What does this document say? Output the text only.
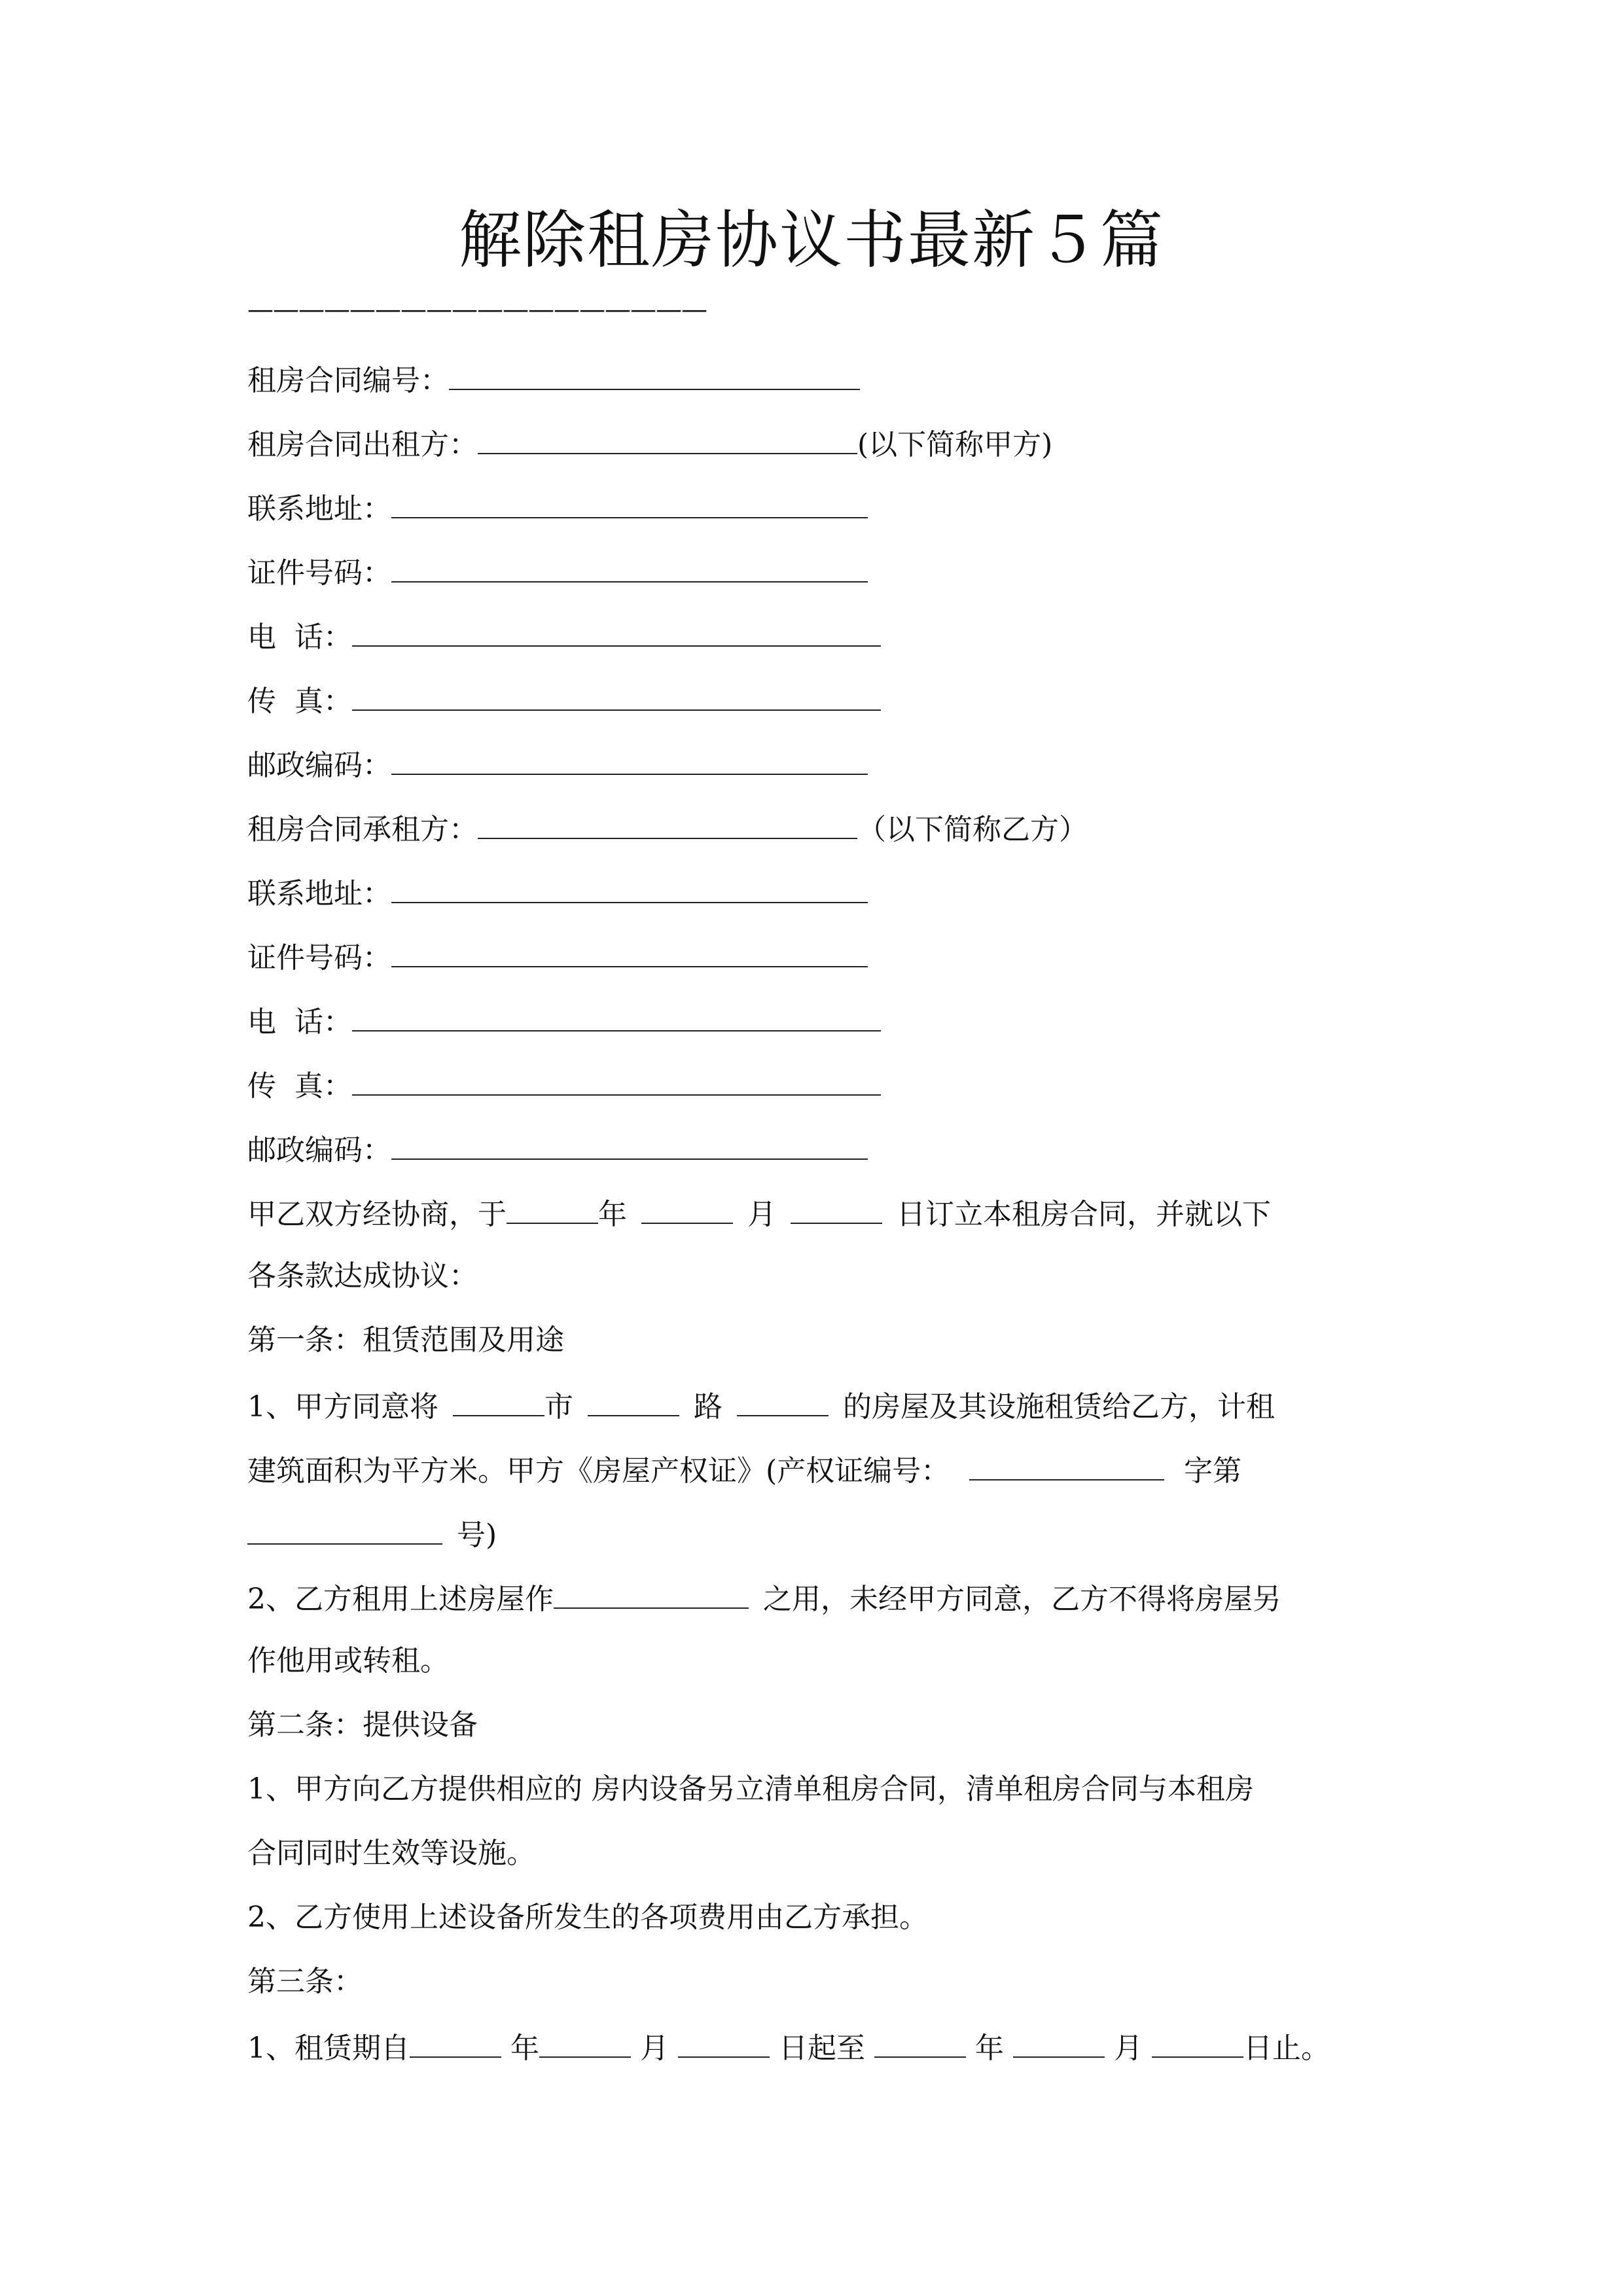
解除租房协议书最新５篇
——————————————————
租房合同编号：
租房合同出租方：	(以下简称甲方)
联系地址：
证件号码：
电  话：
传  真：
邮政编码：
租房合同承租方：	（以下简称乙方）
联系地址：
证件号码：
电  话：
传  真：
邮政编码：
甲乙双方经协商，于	年	月	日订立本租房合同，并就以下
各条款达成协议：
第一条：租赁范围及用途
1、甲方同意将	市	路	的房屋及其设施租赁给乙方，计租
建筑面积为平方米。甲方《房屋产权证》(产权证编号：	字第
号)
2、乙方租用上述房屋作	之用，未经甲方同意，乙方不得将房屋另
作他用或转租。
第二条：提供设备
1、甲方向乙方提供相应的 房内设备另立清单租房合同，清单租房合同与本租房
合同同时生效等设施。
2、乙方使用上述设备所发生的各项费用由乙方承担。
第三条：
1、租赁期自	年	月	日起至	年	月	日止。
